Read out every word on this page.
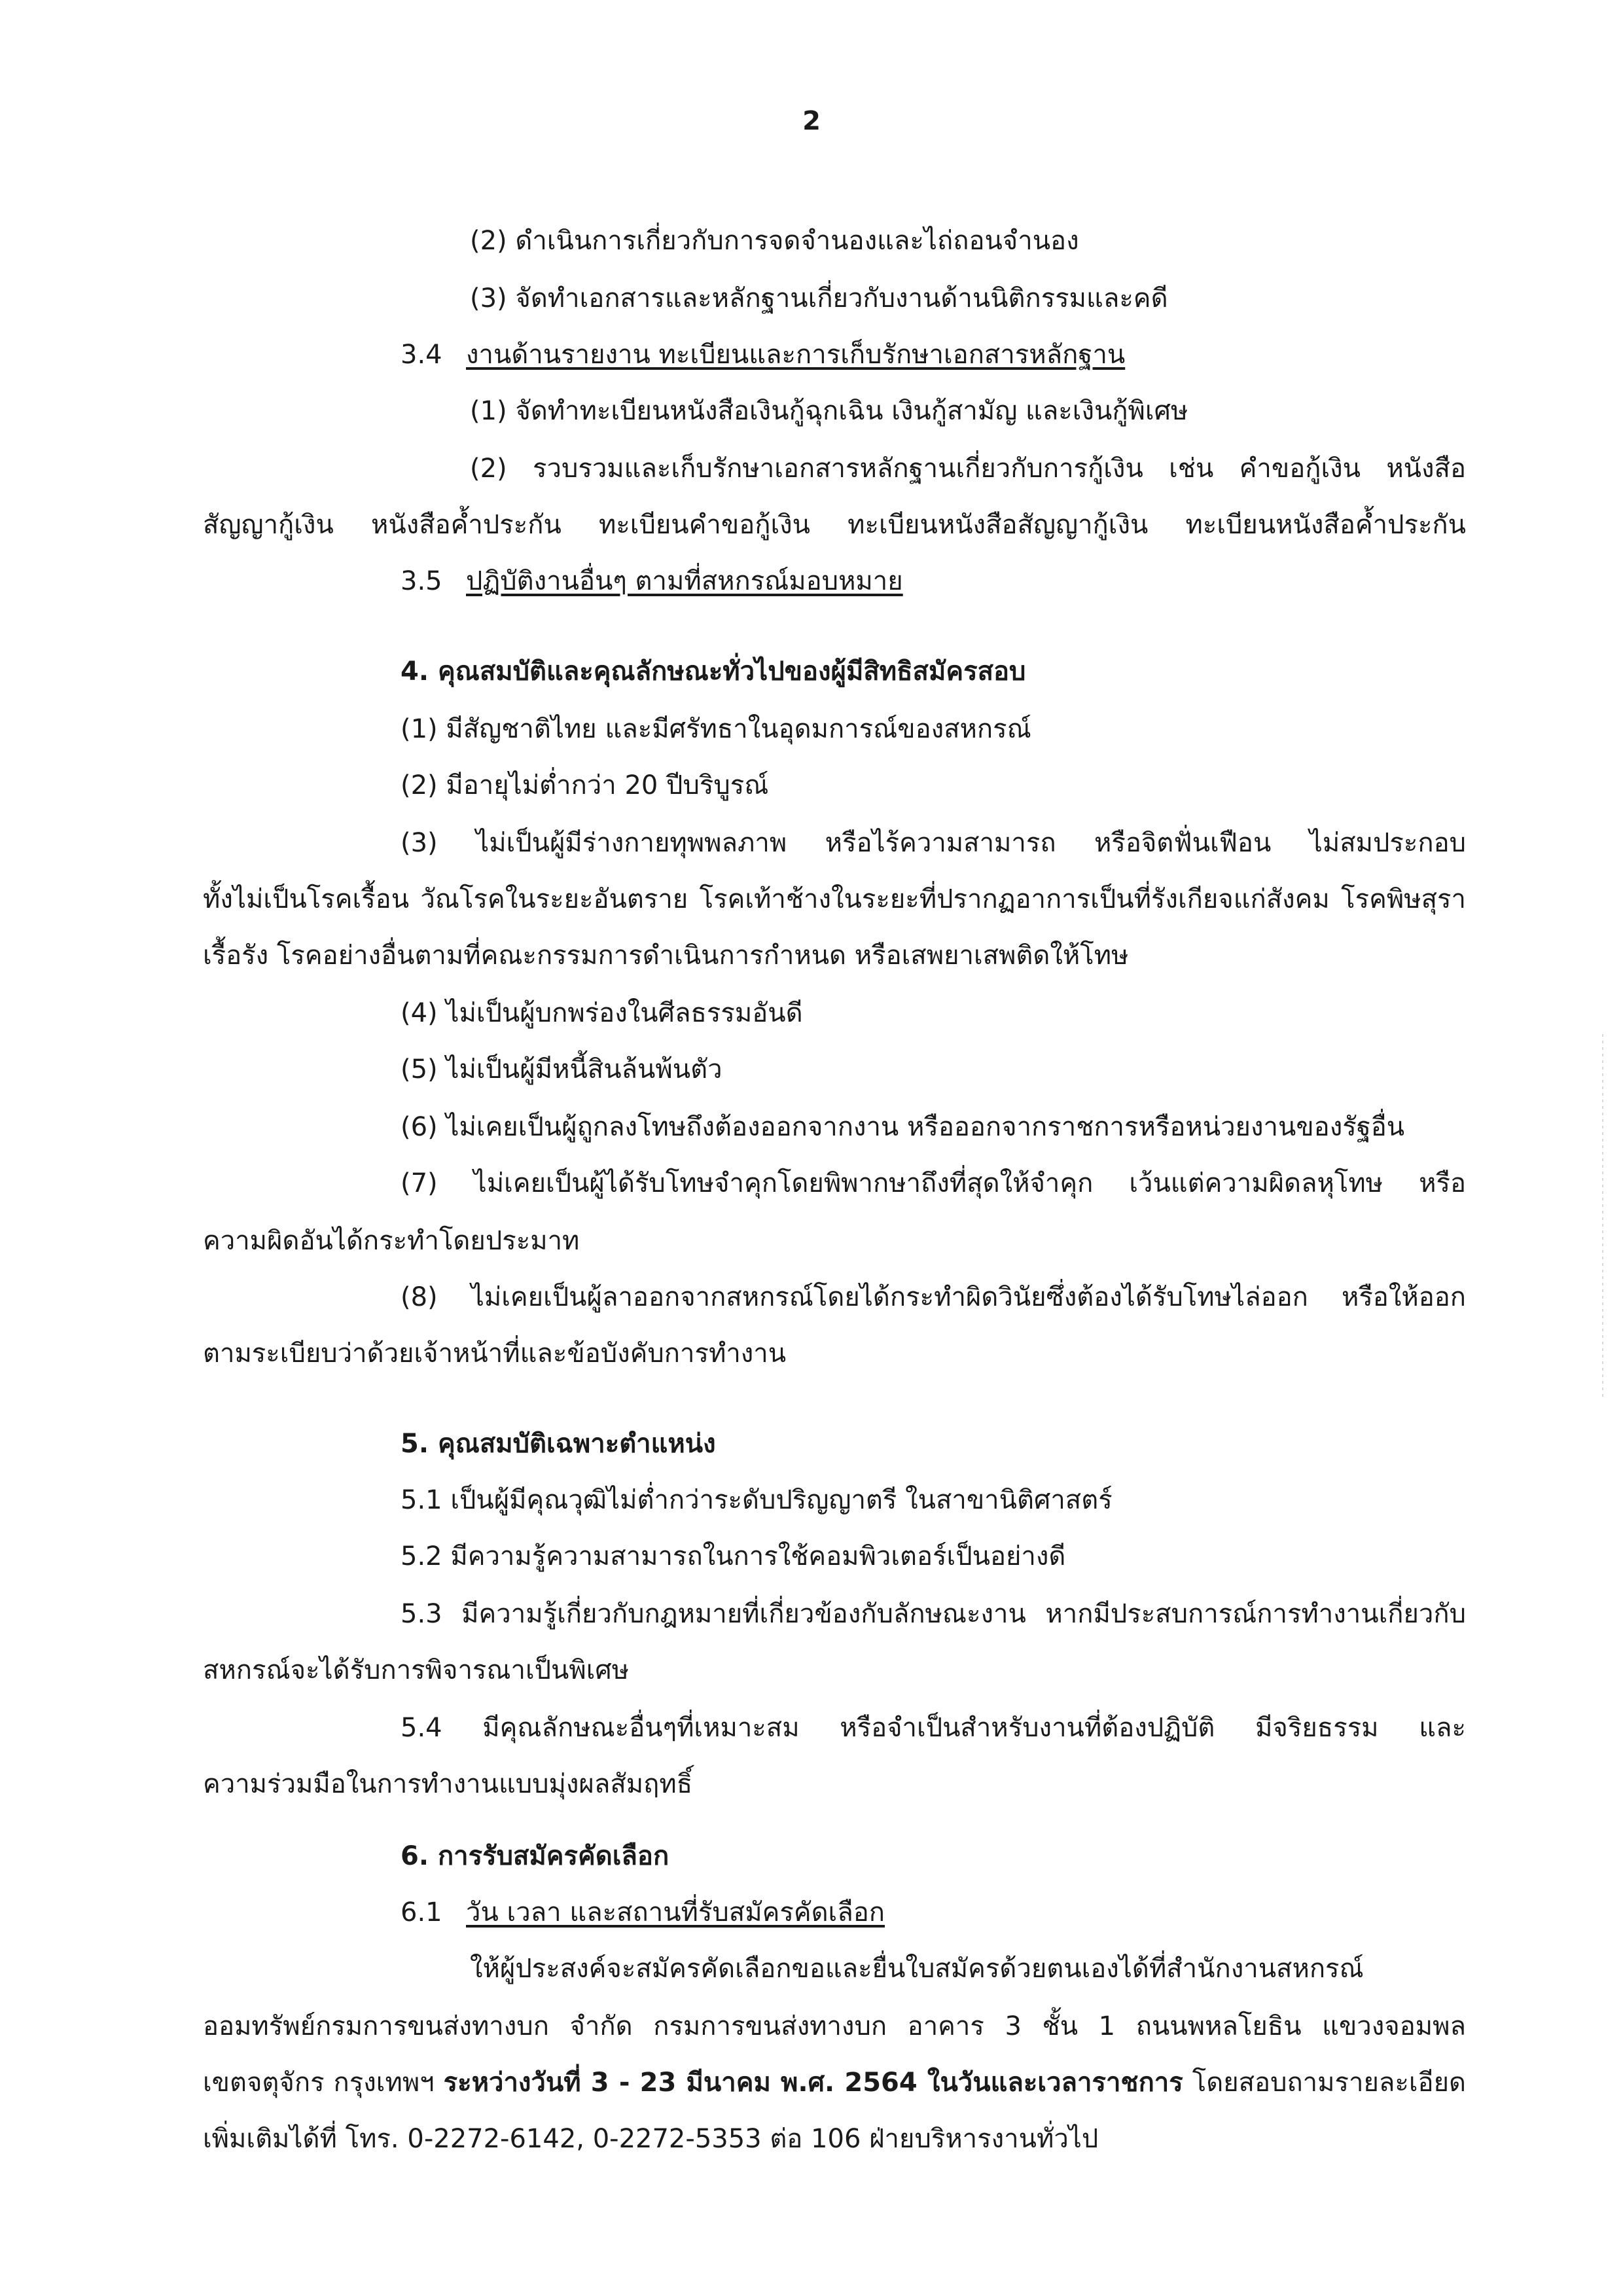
2
(2) ดำเนินการเกี่ยวกับการจดจำนองและไถ่ถอนจำนอง
(3) จัดทำเอกสารและหลักฐานเกี่ยวกับงานด้านนิติกรรมและคดี
3.4 งานด้านรายงาน ทะเบียนและการเก็บรักษาเอกสารหลักฐาน
(1) จัดทำทะเบียนหนังสือเงินกู้ฉุกเฉิน เงินกู้สามัญ และเงินกู้พิเศษ
(2) รวบรวมและเก็บรักษาเอกสารหลักฐานเกี่ยวกับการกู้เงิน เช่น คำขอกู้เงิน หนังสือ
สัญญากู้เงิน หนังสือค้ำประกัน ทะเบียนคำขอกู้เงิน ทะเบียนหนังสือสัญญากู้เงิน ทะเบียนหนังสือค้ำประกัน
3.5 ปฏิบัติงานอื่นๆ ตามที่สหกรณ์มอบหมาย
4. คุณสมบัติและคุณลักษณะทั่วไปของผู้มีสิทธิสมัครสอบ
(1) มีสัญชาติไทย และมีศรัทธาในอุดมการณ์ของสหกรณ์
(2) มีอายุไม่ต่ำกว่า 20 ปีบริบูรณ์
(3) ไม่เป็นผู้มีร่างกายทุพพลภาพ หรือไร้ความสามารถ หรือจิตฟั่นเฟือน ไม่สมประกอบ
ทั้งไม่เป็นโรคเรื้อน วัณโรคในระยะอันตราย โรคเท้าช้างในระยะที่ปรากฏอาการเป็นที่รังเกียจแก่สังคม โรคพิษสุรา
เรื้อรัง โรคอย่างอื่นตามที่คณะกรรมการดำเนินการกำหนด หรือเสพยาเสพติดให้โทษ
(4) ไม่เป็นผู้บกพร่องในศีลธรรมอันดี
(5) ไม่เป็นผู้มีหนี้สินล้นพ้นตัว
(6) ไม่เคยเป็นผู้ถูกลงโทษถึงต้องออกจากงาน หรือออกจากราชการหรือหน่วยงานของรัฐอื่น
(7) ไม่เคยเป็นผู้ได้รับโทษจำคุกโดยพิพากษาถึงที่สุดให้จำคุก เว้นแต่ความผิดลหุโทษ หรือ
ความผิดอันได้กระทำโดยประมาท
(8) ไม่เคยเป็นผู้ลาออกจากสหกรณ์โดยได้กระทำผิดวินัยซึ่งต้องได้รับโทษไล่ออก หรือให้ออก
ตามระเบียบว่าด้วยเจ้าหน้าที่และข้อบังคับการทำงาน
5. คุณสมบัติเฉพาะตำแหน่ง
5.1 เป็นผู้มีคุณวุฒิไม่ต่ำกว่าระดับปริญญาตรี ในสาขานิติศาสตร์
5.2 มีความรู้ความสามารถในการใช้คอมพิวเตอร์เป็นอย่างดี
5.3 มีความรู้เกี่ยวกับกฎหมายที่เกี่ยวข้องกับลักษณะงาน หากมีประสบการณ์การทำงานเกี่ยวกับ
สหกรณ์จะได้รับการพิจารณาเป็นพิเศษ
5.4 มีคุณลักษณะอื่นๆที่เหมาะสม หรือจำเป็นสำหรับงานที่ต้องปฏิบัติ มีจริยธรรม และ
ความร่วมมือในการทำงานแบบมุ่งผลสัมฤทธิ์
6. การรับสมัครคัดเลือก
6.1 วัน เวลา และสถานที่รับสมัครคัดเลือก
ให้ผู้ประสงค์จะสมัครคัดเลือกขอและยื่นใบสมัครด้วยตนเองได้ที่สำนักงานสหกรณ์
ออมทรัพย์กรมการขนส่งทางบก จำกัด กรมการขนส่งทางบก อาคาร 3 ชั้น 1 ถนนพหลโยธิน แขวงจอมพล
เขตจตุจักร กรุงเทพฯ ระหว่างวันที่ 3 - 23 มีนาคม พ.ศ. 2564 ในวันและเวลาราชการ โดยสอบถามรายละเอียด
เพิ่มเติมได้ที่ โทร. 0-2272-6142, 0-2272-5353 ต่อ 106 ฝ่ายบริหารงานทั่วไป
